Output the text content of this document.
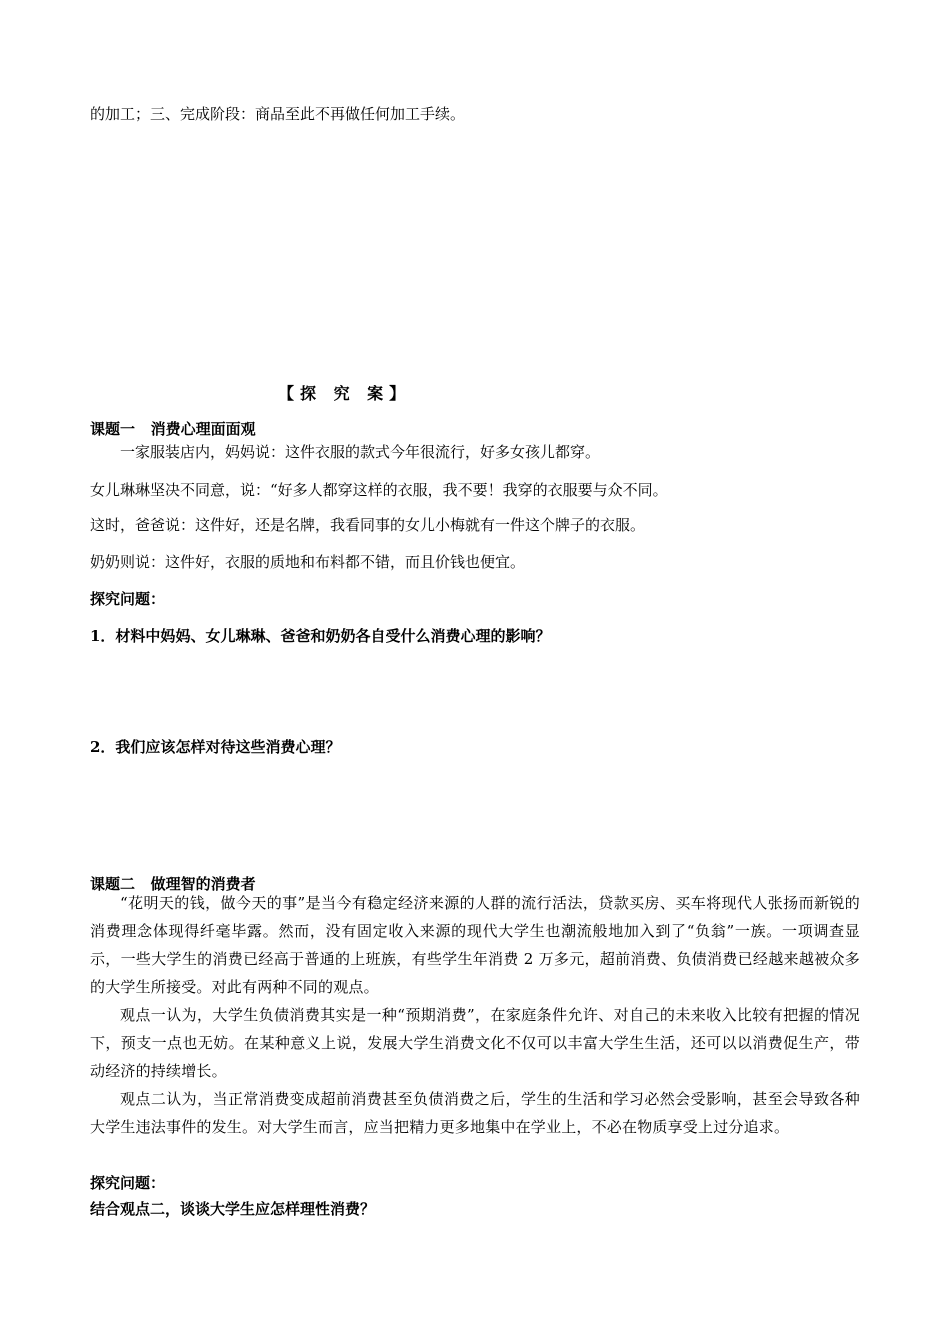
的加工；三、完成阶段：商品至此不再做任何加工手续。
【探 究 案】
课题一   消费心理面面观
一家服装店内，妈妈说：这件衣服的款式今年很流行，好多女孩儿都穿。
女儿琳琳坚决不同意，说：“好多人都穿这样的衣服，我不要！我穿的衣服要与众不同。
这时，爸爸说：这件好，还是名牌，我看同事的女儿小梅就有一件这个牌子的衣服。
奶奶则说：这件好，衣服的质地和布料都不错，而且价钱也便宜。
探究问题：
1．材料中妈妈、女儿琳琳、爸爸和奶奶各自受什么消费心理的影响？
2．我们应该怎样对待这些消费心理？
课题二   做理智的消费者
“花明天的钱，做今天的事”是当今有稳定经济来源的人群的流行活法，贷款买房、买车将现代人张扬而新锐的消费理念体现得纤毫毕露。然而，没有固定收入来源的现代大学生也潮流般地加入到了“负翁”一族。一项调查显示，一些大学生的消费已经高于普通的上班族，有些学生年消费 2 万多元，超前消费、负债消费已经越来越被众多的大学生所接受。对此有两种不同的观点。
观点一认为，大学生负债消费其实是一种“预期消费”，在家庭条件允许、对自己的未来收入比较有把握的情况下，预支一点也无妨。在某种意义上说，发展大学生消费文化不仅可以丰富大学生生活，还可以以消费促生产，带动经济的持续增长。
观点二认为，当正常消费变成超前消费甚至负债消费之后，学生的生活和学习必然会受影响，甚至会导致各种大学生违法事件的发生。对大学生而言，应当把精力更多地集中在学业上，不必在物质享受上过分追求。
探究问题：
结合观点二，谈谈大学生应怎样理性消费？
